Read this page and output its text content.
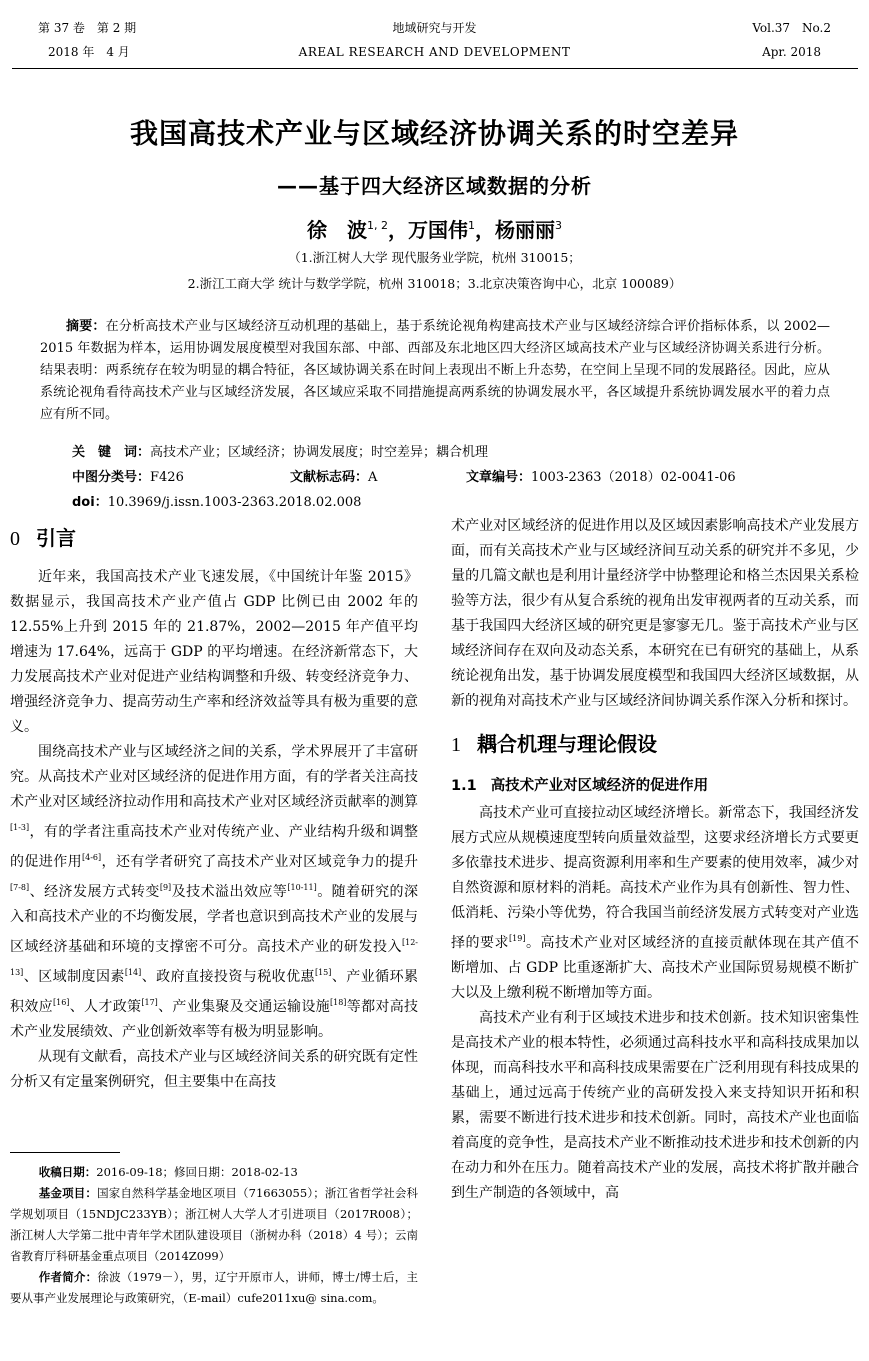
第 37 卷　第 2 期
2018 年　4 月
地域研究与开发
AREAL RESEARCH AND DEVELOPMENT
Vol.37　No.2
Apr. 2018
我国高技术产业与区域经济协调关系的时空差异
——基于四大经济区域数据的分析
徐　波$^{1, 2}$，万国伟$^1$，杨丽丽$^3$
（1.浙江树人大学 现代服务业学院，杭州 310015；
2.浙江工商大学 统计与数学学院，杭州 310018；3.北京决策咨询中心，北京 100089）
摘要：在分析高技术产业与区域经济互动机理的基础上，基于系统论视角构建高技术产业与区域经济综合评价指标体系，以 2002—2015 年数据为样本，运用协调发展度模型对我国东部、中部、西部及东北地区四大经济区域高技术产业与区域经济协调关系进行分析。结果表明：两系统存在较为明显的耦合特征，各区域协调关系在时间上表现出不断上升态势，在空间上呈现不同的发展路径。因此，应从系统论视角看待高技术产业与区域经济发展，各区域应采取不同措施提高两系统的协调发展水平，各区域提升系统协调发展水平的着力点应有所不同。
关　键　词：高技术产业；区域经济；协调发展度；时空差异；耦合机理
中图分类号：F426	文献标志码：A	文章编号：1003-2363（2018）02-0041-06
doi：10.3969/j.issn.1003-2363.2018.02.008
0 引言

近年来，我国高技术产业飞速发展，《中国统计年鉴 2015》数据显示，我国高技术产业产值占 GDP 比例已由 2002 年的 12.55%上升到 2015 年的 21.87%，2002—2015 年产值平均增速为 17.64%，远高于 GDP 的平均增速。在经济新常态下，大力发展高技术产业对促进产业结构调整和升级、转变经济竞争力、增强经济竞争力、提高劳动生产率和经济效益等具有极为重要的意义。

围绕高技术产业与区域经济之间的关系，学术界展开了丰富研究。从高技术产业对区域经济的促进作用方面，有的学者关注高技术产业对区域经济拉动作用和高技术产业对区域经济贡献率的测算[1-3]，有的学者注重高技术产业对传统产业、产业结构升级和调整的促进作用[4-6]，还有学者研究了高技术产业对区域竞争力的提升[7-8]、经济发展方式转变[9]及技术溢出效应等[10-11]。随着研究的深入和高技术产业的不均衡发展，学者也意识到高技术产业的发展与区域经济基础和环境的支撑密不可分。高技术产业的研发投入[12-13]、区域制度因素[14]、政府直接投资与税收优惠[15]、产业循环累积效应[16]、人才政策[17]、产业集聚及交通运输设施[18]等都对高技术产业发展绩效、产业创新效率等有极为明显影响。

从现有文献看，高技术产业与区域经济间关系的研究既有定性分析又有定量案例研究，但主要集中在高技

收稿日期：2016-09-18；修回日期：2018-02-13
基金项目：国家自然科学基金地区项目（71663055）；浙江省哲学社会科学规划项目（15NDJC233YB）；浙江树人大学人才引进项目（2017R008）；浙江树人大学第二批中青年学术团队建设项目（浙树办科（2018）4 号）；云南省教育厅科研基金重点项目（2014Z099）
作者简介：徐波（1979－），男，辽宁开原市人，讲师，博士/博士后，主要从事产业发展理论与政策研究，（E-mail）cufe2011xu@ sina.com。

术产业对区域经济的促进作用以及区域因素影响高技术产业发展方面，而有关高技术产业与区域经济间互动关系的研究并不多见，少量的几篇文献也是利用计量经济学中协整理论和格兰杰因果关系检验等方法，很少有从复合系统的视角出发审视两者的互动关系，而基于我国四大经济区域的研究更是寥寥无几。鉴于高技术产业与区域经济间存在双向及动态关系，本研究在已有研究的基础上，从系统论视角出发，基于协调发展度模型和我国四大经济区域数据，从新的视角对高技术产业与区域经济间协调关系作深入分析和探讨。

1 耦合机理与理论假设
1.1 高技术产业对区域经济的促进作用

高技术产业可直接拉动区域经济增长。新常态下，我国经济发展方式应从规模速度型转向质量效益型，这要求经济增长方式要更多依靠技术进步、提高资源利用率和生产要素的使用效率，减少对自然资源和原材料的消耗。高技术产业作为具有创新性、智力性、低消耗、污染小等优势，符合我国当前经济发展方式转变对产业选择的要求[19]。高技术产业对区域经济的直接贡献体现在其产值不断增加、占 GDP 比重逐渐扩大、高技术产业国际贸易规模不断扩大以及上缴利税不断增加等方面。

高技术产业有利于区域技术进步和技术创新。技术知识密集性是高技术产业的根本特性，必须通过高科技水平和高科技成果加以体现，而高科技水平和高科技成果需要在广泛利用现有科技成果的基础上，通过远高于传统产业的高研发投入来支持知识开拓和积累，需要不断进行技术进步和技术创新。同时，高技术产业也面临着高度的竞争性，是高技术产业不断推动技术进步和技术创新的内在动力和外在压力。随着高技术产业的发展，高技术将扩散并融合到生产制造的各领域中，高
